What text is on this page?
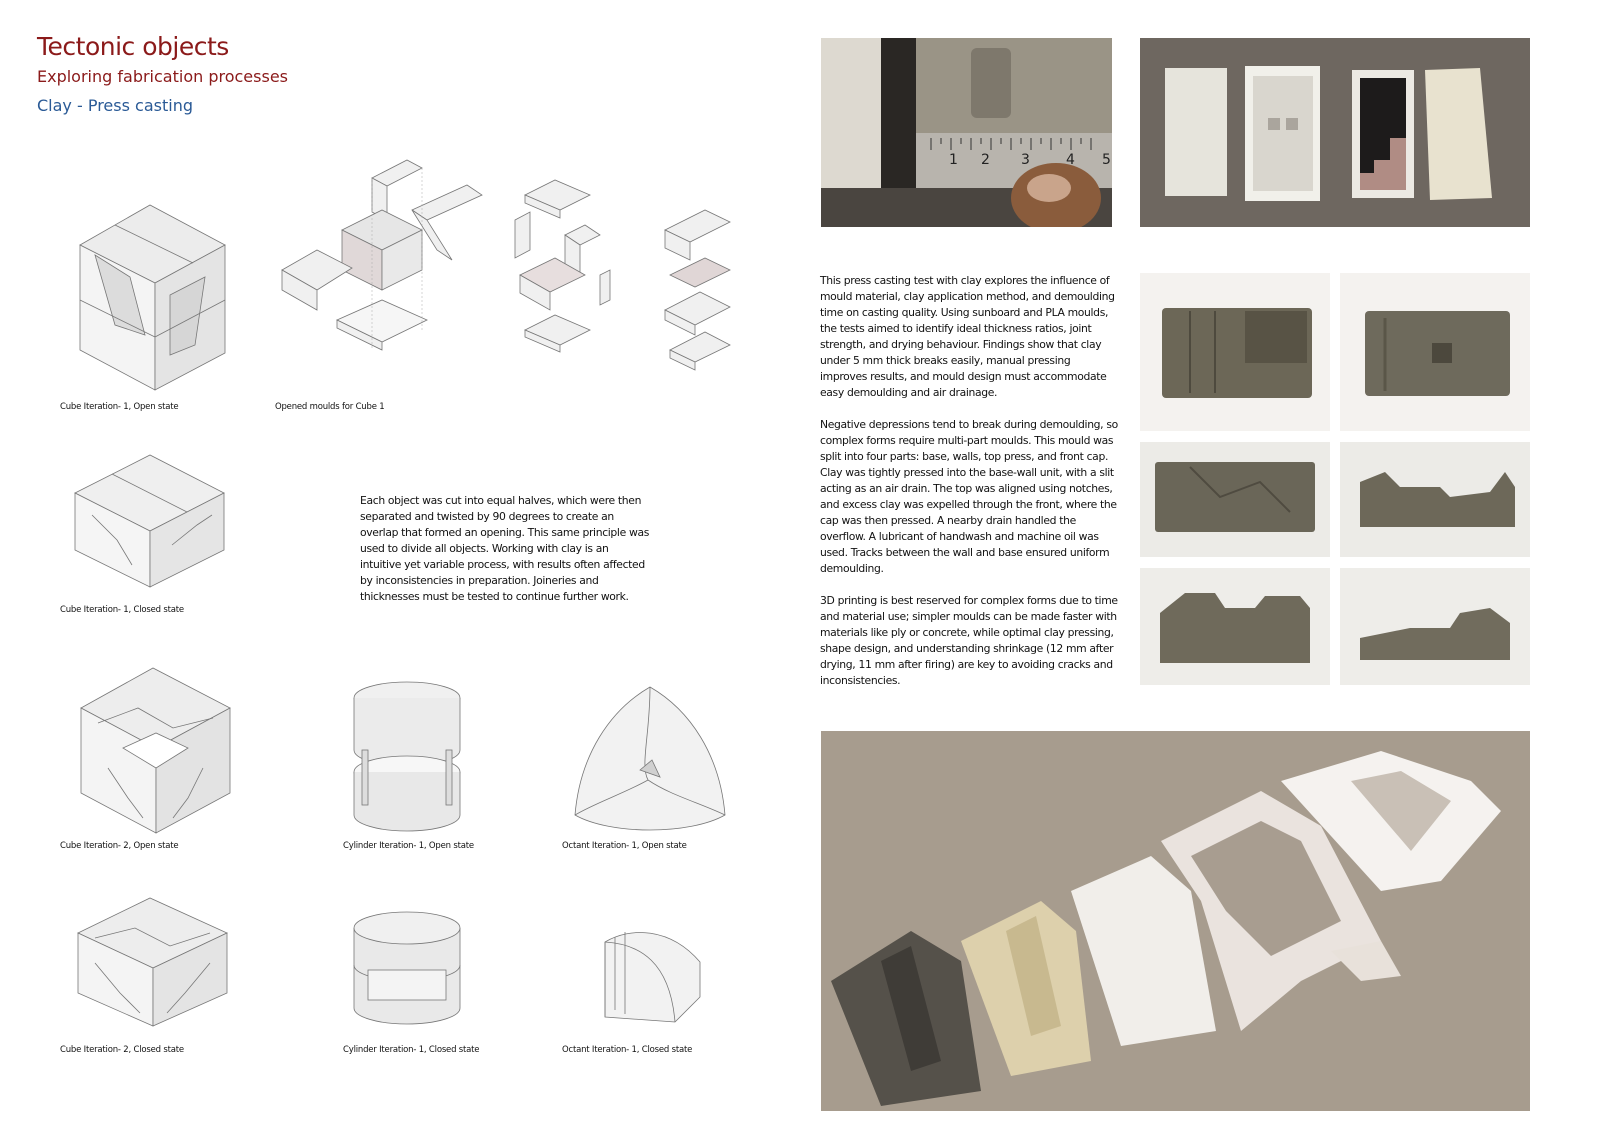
Tectonic objects
Exploring fabrication processes
Clay - Press casting
Cube Iteration- 1, Open state	Opened moulds for Cube 1
Cube Iteration- 1, Closed state
Each object was cut into equal halves, which were then separated and twisted by 90 degrees to create an overlap that formed an opening. This same principle was used to divide all objects. Working with clay is an intuitive yet variable process, with results often affected by inconsistencies in preparation. Joineries and thicknesses must be tested to continue further work.
Cube Iteration- 2, Open state	Cylinder Iteration- 1, Open state	Octant Iteration- 1, Open state
Cube Iteration- 2, Closed state	Cylinder Iteration- 1, Closed state	Octant Iteration- 1, Closed state
1 2 3	4 5

This press casting test with clay explores the influence of mould material, clay application method, and demoulding time on casting quality. Using sunboard and PLA moulds, the tests aimed to identify ideal thickness ratios, joint strength, and drying behaviour. Findings show that clay under 5 mm thick breaks easily, manual pressing improves results, and mould design must accommodate easy demoulding and air drainage.

Negative depressions tend to break during demoulding, so complex forms require multi-part moulds. This mould was split into four parts: base, walls, top press, and front cap. Clay was tightly pressed into the base-wall unit, with a slit acting as an air drain. The top was aligned using notches, and excess clay was expelled through the front, where the cap was then pressed. A nearby drain handled the overflow. A lubricant of handwash and machine oil was used. Tracks between the wall and base ensured uniform demoulding.

3D printing is best reserved for complex forms due to time and material use; simpler moulds can be made faster with materials like ply or concrete, while optimal clay pressing, shape design, and understanding shrinkage (12 mm after drying, 11 mm after firing) are key to avoiding cracks and inconsistencies.
